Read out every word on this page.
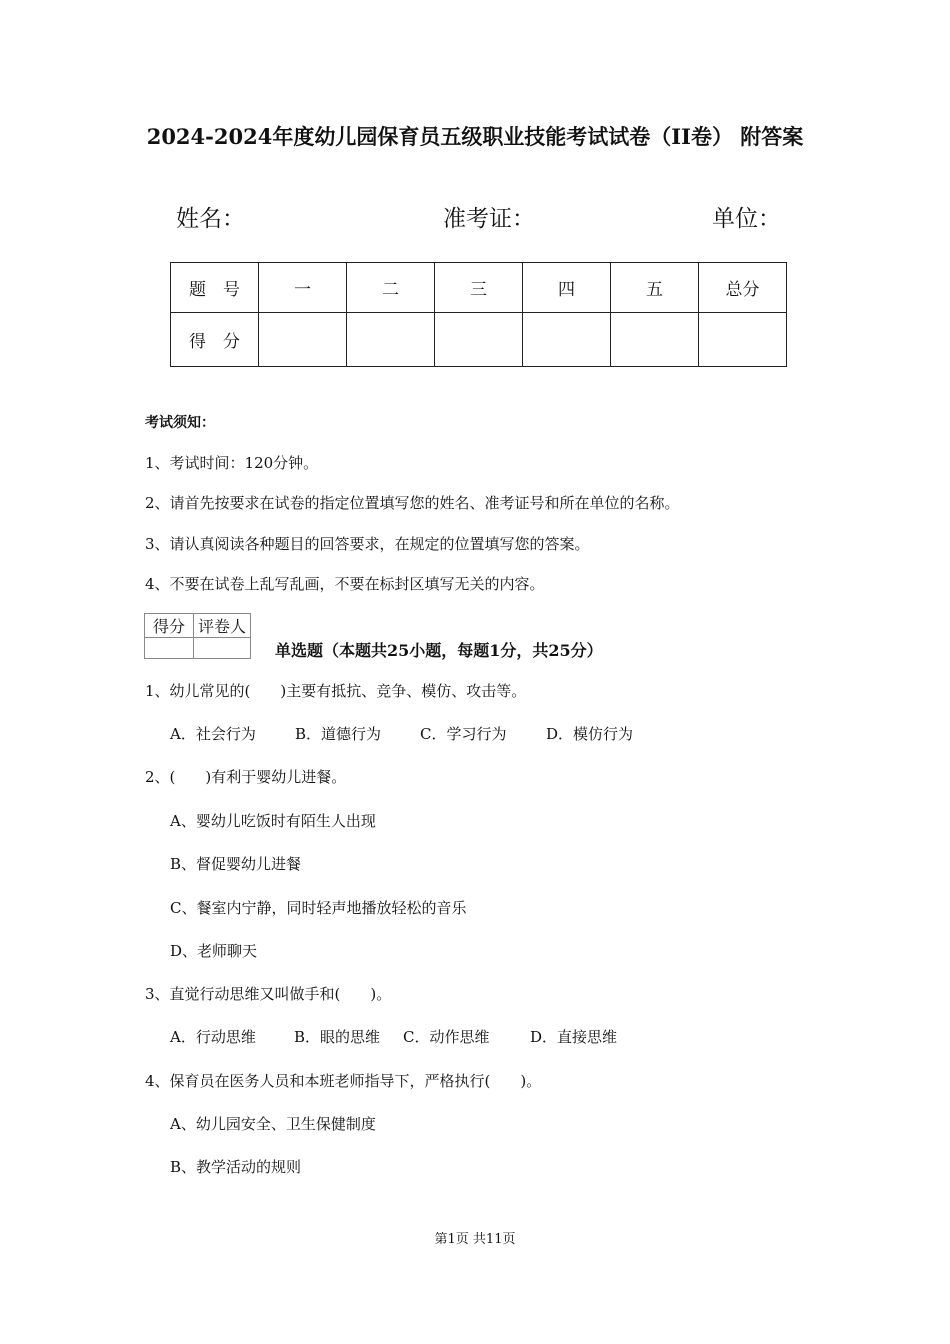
2024-2024年度幼儿园保育员五级职业技能考试试卷（II卷） 附答案
姓名：	准考证：	单位：
题　号	一	二	三	四	五	总分
得　分						
考试须知：
1、考试时间：120分钟。
2、请首先按要求在试卷的指定位置填写您的姓名、准考证号和所在单位的名称。
3、请认真阅读各种题目的回答要求，在规定的位置填写您的答案。
4、不要在试卷上乱写乱画，不要在标封区填写无关的内容。
得分	评卷人

单选题（本题共25小题，每题1分，共25分）
1、幼儿常见的(　　)主要有抵抗、竞争、模仿、攻击等。
A．社会行为	B．道德行为	C．学习行为	D．模仿行为
2、(　　)有利于婴幼儿进餐。
A、婴幼儿吃饭时有陌生人出现
B、督促婴幼儿进餐
C、餐室内宁静，同时轻声地播放轻松的音乐
D、老师聊天
3、直觉行动思维又叫做手和(　　)。
A．行动思维	B．眼的思维 C．动作思维	D．直接思维
4、保育员在医务人员和本班老师指导下，严格执行(　　)。
A、幼儿园安全、卫生保健制度
B、教学活动的规则
第1页 共11页
